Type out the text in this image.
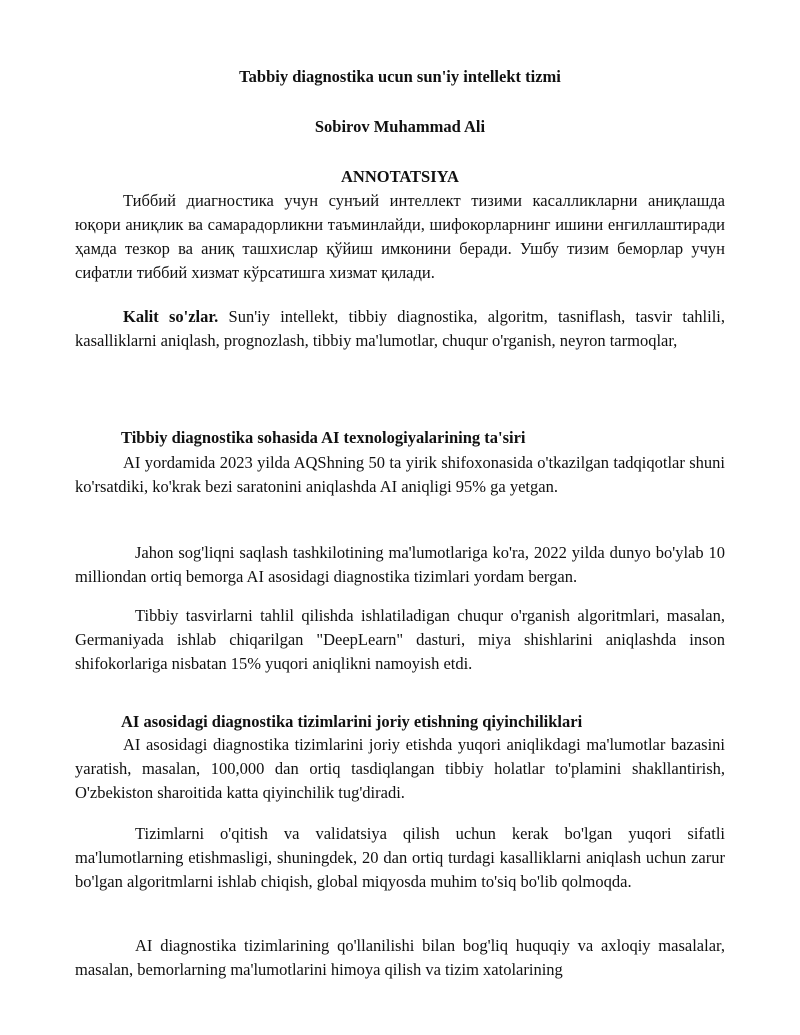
Tabbiy diagnostika ucun sun'iy intellekt tizmi

Sobirov Muhammad Ali

ANNOTATSIYA

Тиббий диагностика учун сунъий интеллект тизими касалликларни аниқлашда юқори аниқлик ва самарадорликни таъминлайди, шифокорларнинг ишини енгиллаштиради ҳамда тезкор ва аниқ ташхислар қўйиш имконини беради. Ушбу тизим беморлар учун сифатли тиббий хизмат кўрсатишга хизмат қилади.

Kalit so'zlar. Sun'iy intellekt, tibbiy diagnostika, algoritm, tasniflash, tasvir tahlili, kasalliklarni aniqlash, prognozlash, tibbiy ma'lumotlar, chuqur o'rganish, neyron tarmoqlar,

Tibbiy diagnostika sohasida AI texnologiyalarining ta'siri

AI yordamida 2023 yilda AQShning 50 ta yirik shifoxonasida o'tkazilgan tadqiqotlar shuni ko'rsatdiki, ko'krak bezi saratonini aniqlashda AI aniqligi 95% ga yetgan.

Jahon sog'liqni saqlash tashkilotining ma'lumotlariga ko'ra, 2022 yilda dunyo bo'ylab 10 milliondan ortiq bemorga AI asosidagi diagnostika tizimlari yordam bergan.

Tibbiy tasvirlarni tahlil qilishda ishlatiladigan chuqur o'rganish algoritmlari, masalan, Germaniyada ishlab chiqarilgan "DeepLearn" dasturi, miya shishlarini aniqlashda inson shifokorlariga nisbatan 15% yuqori aniqlikni namoyish etdi.

AI asosidagi diagnostika tizimlarini joriy etishning qiyinchiliklari

AI asosidagi diagnostika tizimlarini joriy etishda yuqori aniqlikdagi ma'lumotlar bazasini yaratish, masalan, 100,000 dan ortiq tasdiqlangan tibbiy holatlar to'plamini shakllantirish, O'zbekiston sharoitida katta qiyinchilik tug'diradi.

Tizimlarni o'qitish va validatsiya qilish uchun kerak bo'lgan yuqori sifatli ma'lumotlarning etishmasligi, shuningdek, 20 dan ortiq turdagi kasalliklarni aniqlash uchun zarur bo'lgan algoritmlarni ishlab chiqish, global miqyosda muhim to'siq bo'lib qolmoqda.

AI diagnostika tizimlarining qo'llanilishi bilan bog'liq huquqiy va axloqiy masalalar, masalan, bemorlarning ma'lumotlarini himoya qilish va tizim xatolarining
